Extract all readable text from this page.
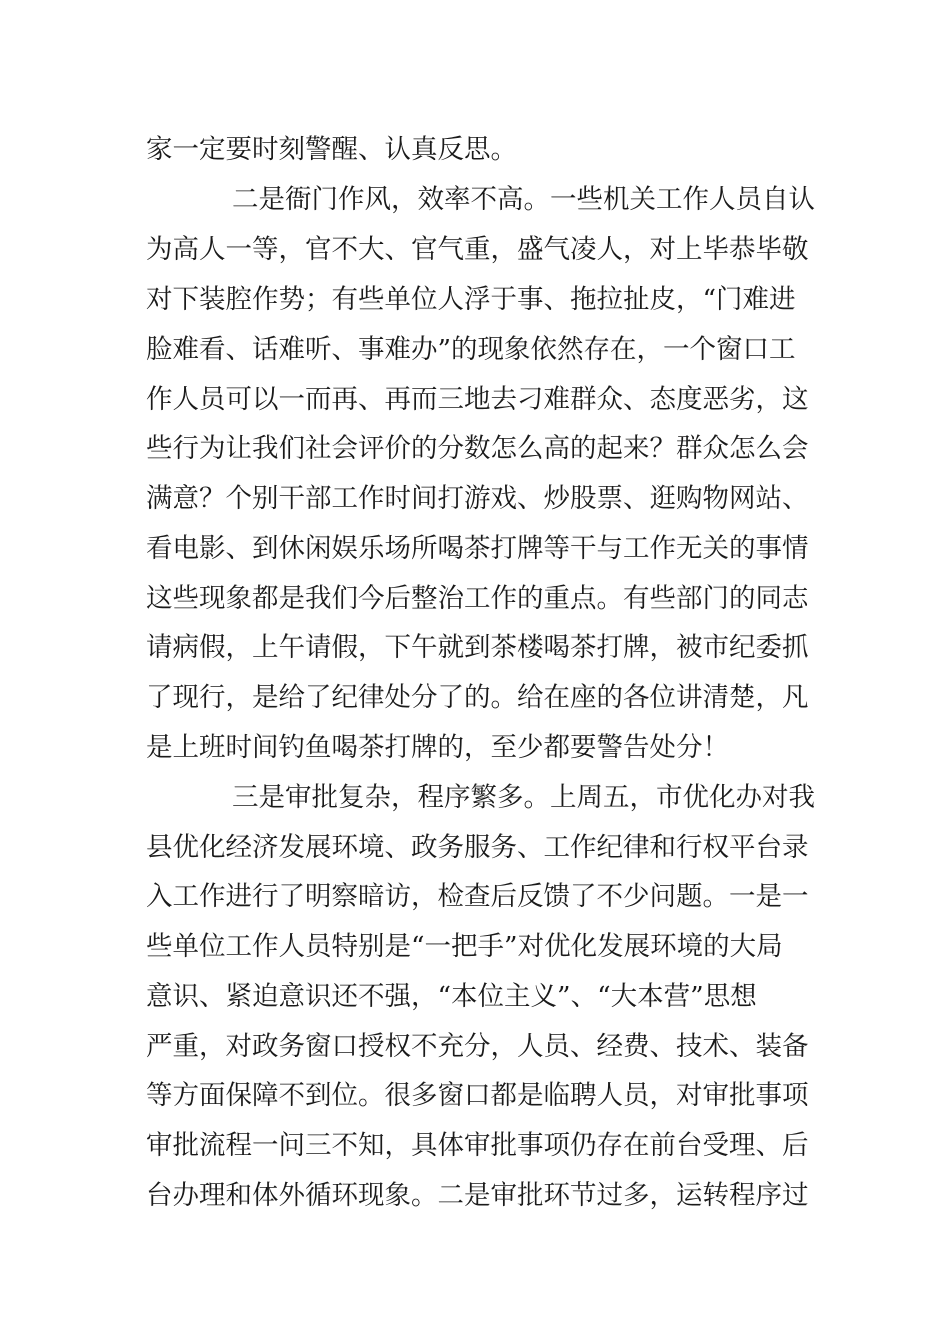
家一定要时刻警醒、认真反思。
二是衙门作风，效率不高。一些机关工作人员自认
为高人一等，官不大、官气重，盛气凌人，对上毕恭毕敬
对下装腔作势；有些单位人浮于事、拖拉扯皮，“门难进
脸难看、话难听、事难办”的现象依然存在，一个窗口工
作人员可以一而再、再而三地去刁难群众、态度恶劣，这
些行为让我们社会评价的分数怎么高的起来？群众怎么会
满意？个别干部工作时间打游戏、炒股票、逛购物网站、
看电影、到休闲娱乐场所喝茶打牌等干与工作无关的事情
这些现象都是我们今后整治工作的重点。有些部门的同志
请病假，上午请假，下午就到茶楼喝茶打牌，被市纪委抓
了现行，是给了纪律处分了的。给在座的各位讲清楚，凡
是上班时间钓鱼喝茶打牌的，至少都要警告处分！
三是审批复杂，程序繁多。上周五，市优化办对我
县优化经济发展环境、政务服务、工作纪律和行权平台录
入工作进行了明察暗访，检查后反馈了不少问题。一是一
些单位工作人员特别是“一把手”对优化发展环境的大局
意识、紧迫意识还不强，“本位主义”、“大本营”思想
严重，对政务窗口授权不充分，人员、经费、技术、装备
等方面保障不到位。很多窗口都是临聘人员，对审批事项
审批流程一问三不知，具体审批事项仍存在前台受理、后
台办理和体外循环现象。二是审批环节过多，运转程序过
